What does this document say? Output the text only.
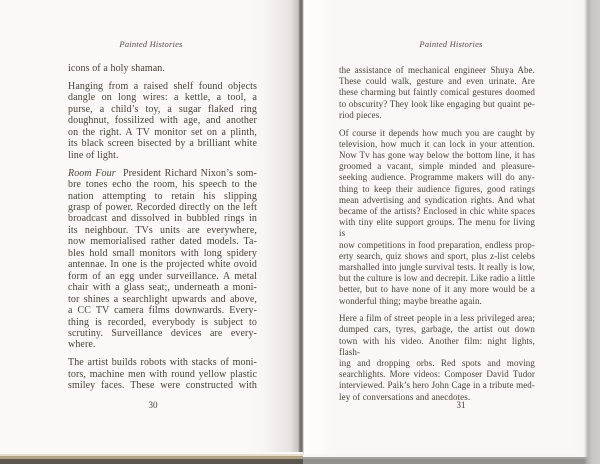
Painted Histories
icons of a holy shaman.
Hanging from a raised shelf found objects
dangle on long wires: a kettle, a tool, a
purse, a child’s toy, a sugar flaked ring
doughnut, fossilized with age, and another
on the right. A TV monitor set on a plinth,
its black screen bisected by a brilliant white
line of light.
Room Four  President Richard Nixon’s som-
bre tones echo the room, his speech to the
nation attempting to retain his slipping
grasp of power. Recorded directly on the left
broadcast and dissolved in bubbled rings in
its neighbour. TVs units are everywhere,
now memorialised rather dated models. Ta-
bles hold small monitors with long spidery
antennae. In one is the projected white ovoid
form of an egg under surveillance. A metal
chair with a glass seat;, underneath a moni-
tor shines a searchlight upwards and above,
a CC TV camera films downwards. Every-
thing is recorded, everybody is subject to
scrutiny. Surveillance devices are every-
where.
The artist builds robots with stacks of moni-
tors, machine men with round yellow plastic
smiley faces. These were constructed with
30
Painted Histories
the assistance of mechanical engineer Shuya Abe.
These could walk, gesture and even urinate. Are
these charming but faintly comical gestures doomed
to obscurity? They look like engaging but quaint pe-
riod pieces.
Of course it depends how much you are caught by
television, how much it can lock in your attention.
Now Tv has gone way below the bottom line, it has
groomed a vacant, simple minded and pleasure-
seeking audience. Programme makers will do any-
thing to keep their audience figures, good ratings
mean advertising and syndication rights. And what
became of the artists? Enclosed in chic white spaces
with tiny elite support groups. The menu for living is
now competitions in food preparation, endless prop-
erty search, quiz shows and sport, plus z-list celebs
marshalled into jungle survival tests. It really is low,
but the culture is low and decrepit. Like radio a little
better, but to have none of it any more would be a
wonderful thing; maybe breathe again.
Here a film of street people in a less privileged area;
dumped cars, tyres, garbage, the artist out down
town with his video. Another film: night lights, flash-
ing and dropping orbs. Red spots and moving
searchlights. More videos: Composer David Tudor
interviewed. Paik’s hero John Cage in a tribute med-
ley of conversations and anecdotes.
31
